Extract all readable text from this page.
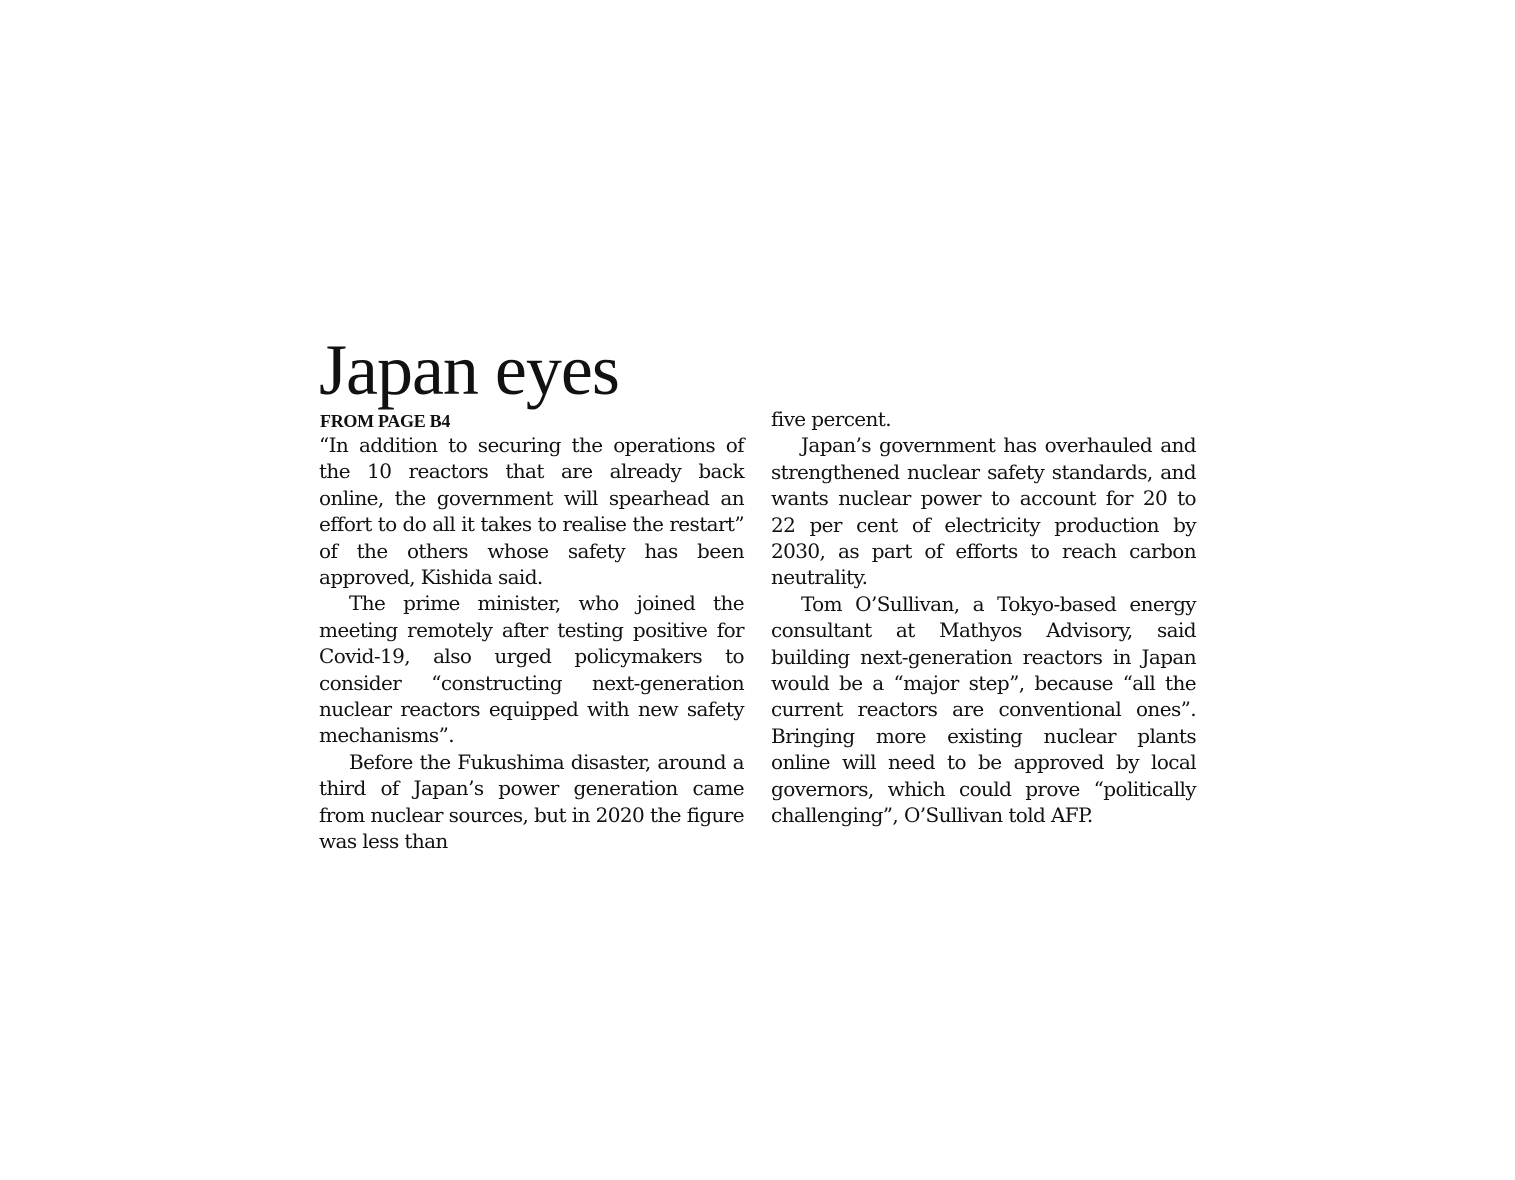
Japan eyes
FROM PAGE B4

“In addition to securing the operations of the 10 reactors that are already back online, the government will spearhead an effort to do all it takes to realise the restart” of the others whose safety has been approved, Kishida said.

The prime minister, who joined the meeting remotely after testing positive for Covid-19, also urged policymakers to consider “constructing next-generation nuclear reactors equipped with new safety mechanisms”.

Before the Fukushima disaster, around a third of Japan’s power generation came from nuclear sources, but in 2020 the figure was less than

five percent.

Japan’s government has overhauled and strengthened nuclear safety standards, and wants nuclear power to account for 20 to 22 per cent of electricity production by 2030, as part of efforts to reach carbon neutrality.

Tom O’Sullivan, a Tokyo-based energy consultant at Mathyos Advisory, said building next-generation reactors in Japan would be a “major step”, because “all the current reactors are conventional ones”. Bringing more existing nuclear plants online will need to be approved by local governors, which could prove “politically challenging”, O’Sullivan told AFP.
